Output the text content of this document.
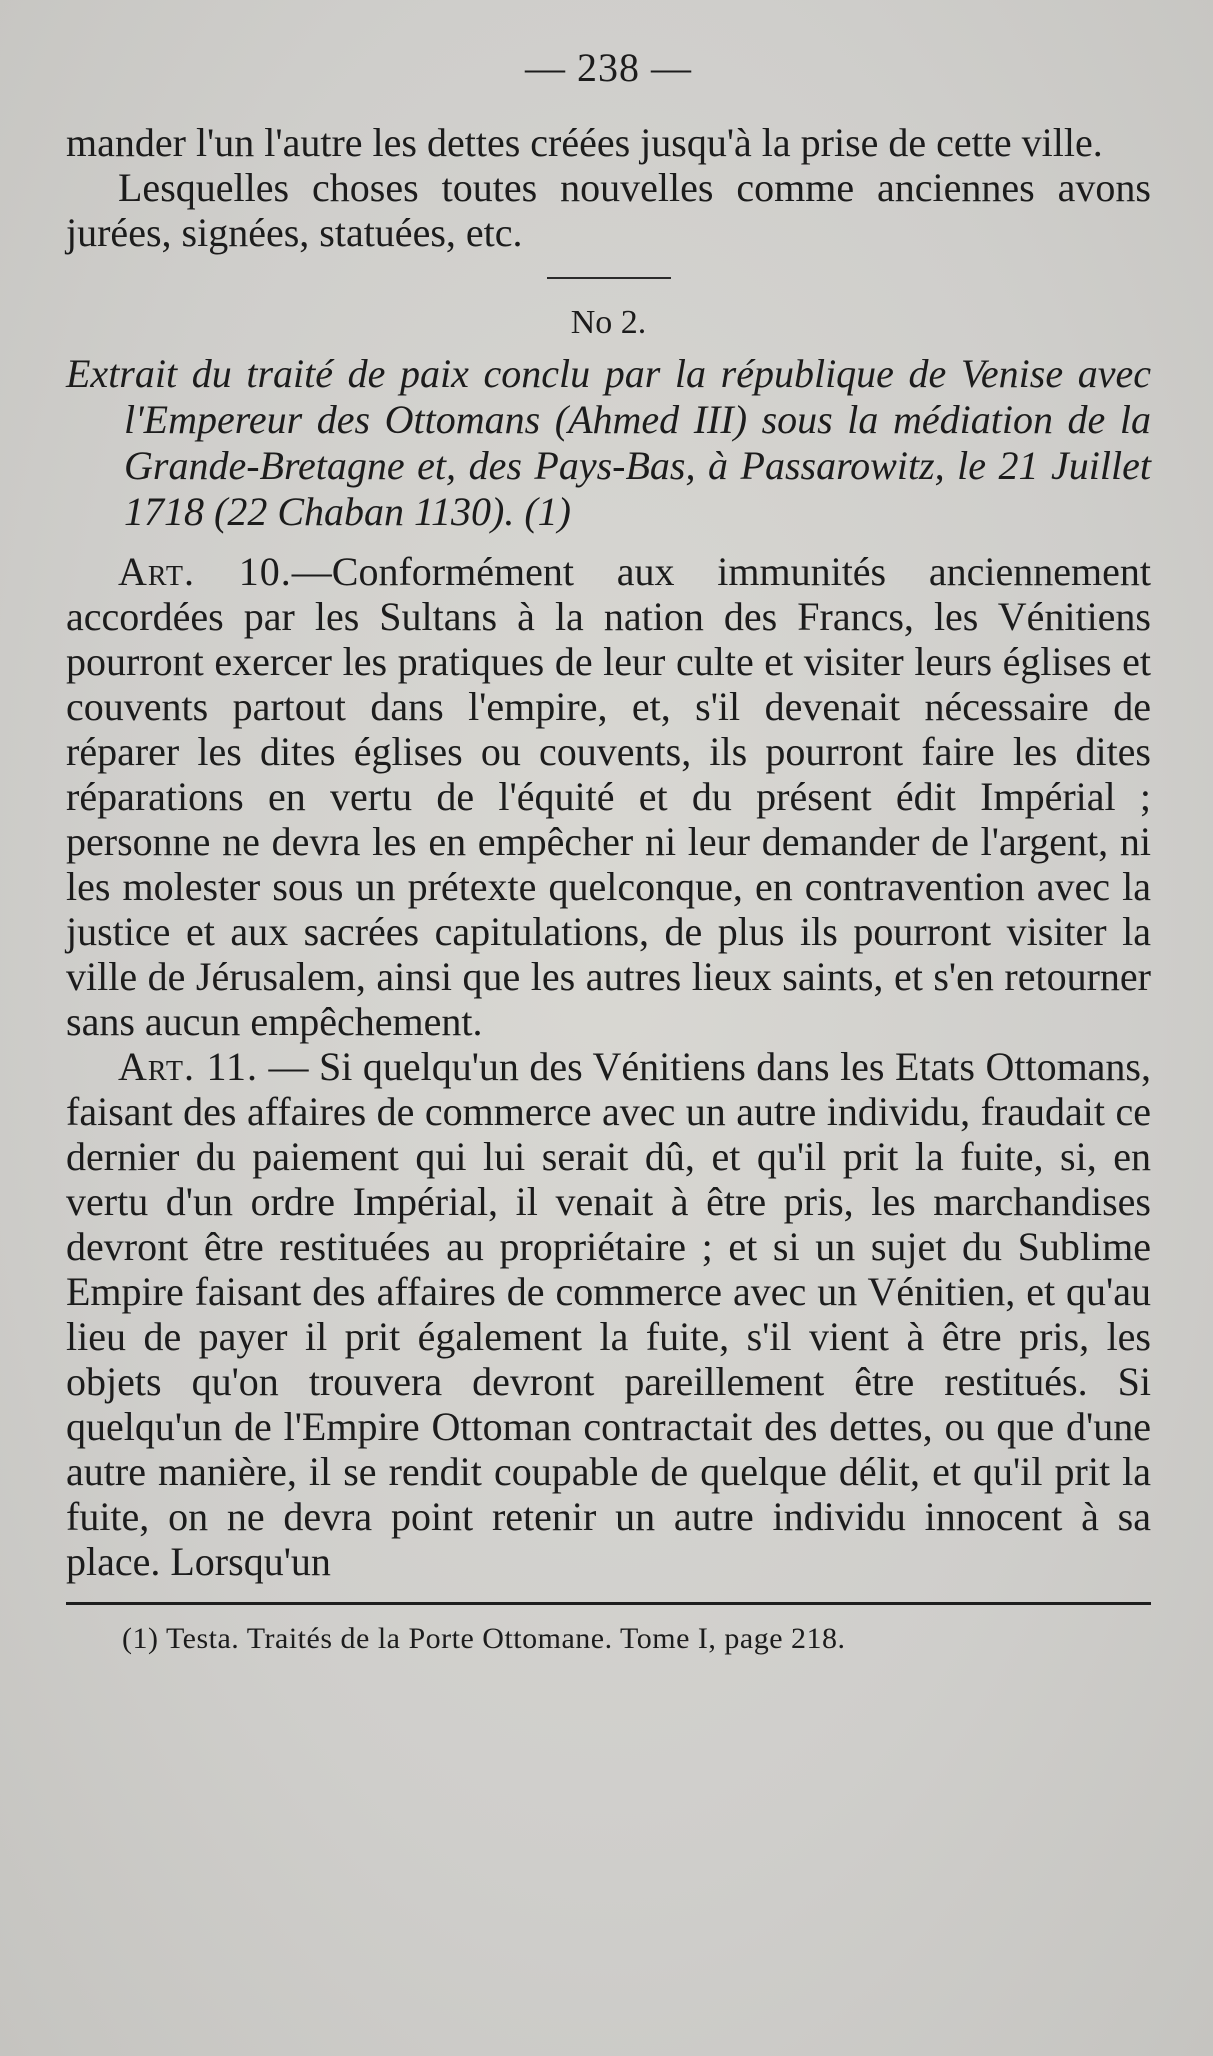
— 238 —

mander l'un l'autre les dettes créées jusqu'à la prise de cette ville.

Lesquelles choses toutes nouvelles comme anciennes avons jurées, signées, statuées, etc.

No 2.

Extrait du traité de paix conclu par la république de Venise avec l'Empereur des Ottomans (Ahmed III) sous la médiation de la Grande-Bretagne et, des Pays-Bas, à Passarowitz, le 21 Juillet 1718 (22 Chaban 1130). (1)

Art. 10.—Conformément aux immunités anciennement accordées par les Sultans à la nation des Francs, les Vénitiens pourront exercer les pratiques de leur culte et visiter leurs églises et couvents partout dans l'empire, et, s'il devenait nécessaire de réparer les dites églises ou couvents, ils pourront faire les dites réparations en vertu de l'équité et du présent édit Impérial ; personne ne devra les en empêcher ni leur demander de l'argent, ni les molester sous un prétexte quelconque, en contravention avec la justice et aux sacrées capitulations, de plus ils pourront visiter la ville de Jérusalem, ainsi que les autres lieux saints, et s'en retourner sans aucun empêchement.

Art. 11. — Si quelqu'un des Vénitiens dans les Etats Ottomans, faisant des affaires de commerce avec un autre individu, fraudait ce dernier du paiement qui lui serait dû, et qu'il prit la fuite, si, en vertu d'un ordre Impérial, il venait à être pris, les marchandises devront être restituées au propriétaire ; et si un sujet du Sublime Empire faisant des affaires de commerce avec un Vénitien, et qu'au lieu de payer il prit également la fuite, s'il vient à être pris, les objets qu'on trouvera devront pareillement être restitués. Si quelqu'un de l'Empire Ottoman contractait des dettes, ou que d'une autre manière, il se rendit coupable de quelque délit, et qu'il prit la fuite, on ne devra point retenir un autre individu innocent à sa place. Lorsqu'un

(1) Testa. Traités de la Porte Ottomane. Tome I, page 218.
